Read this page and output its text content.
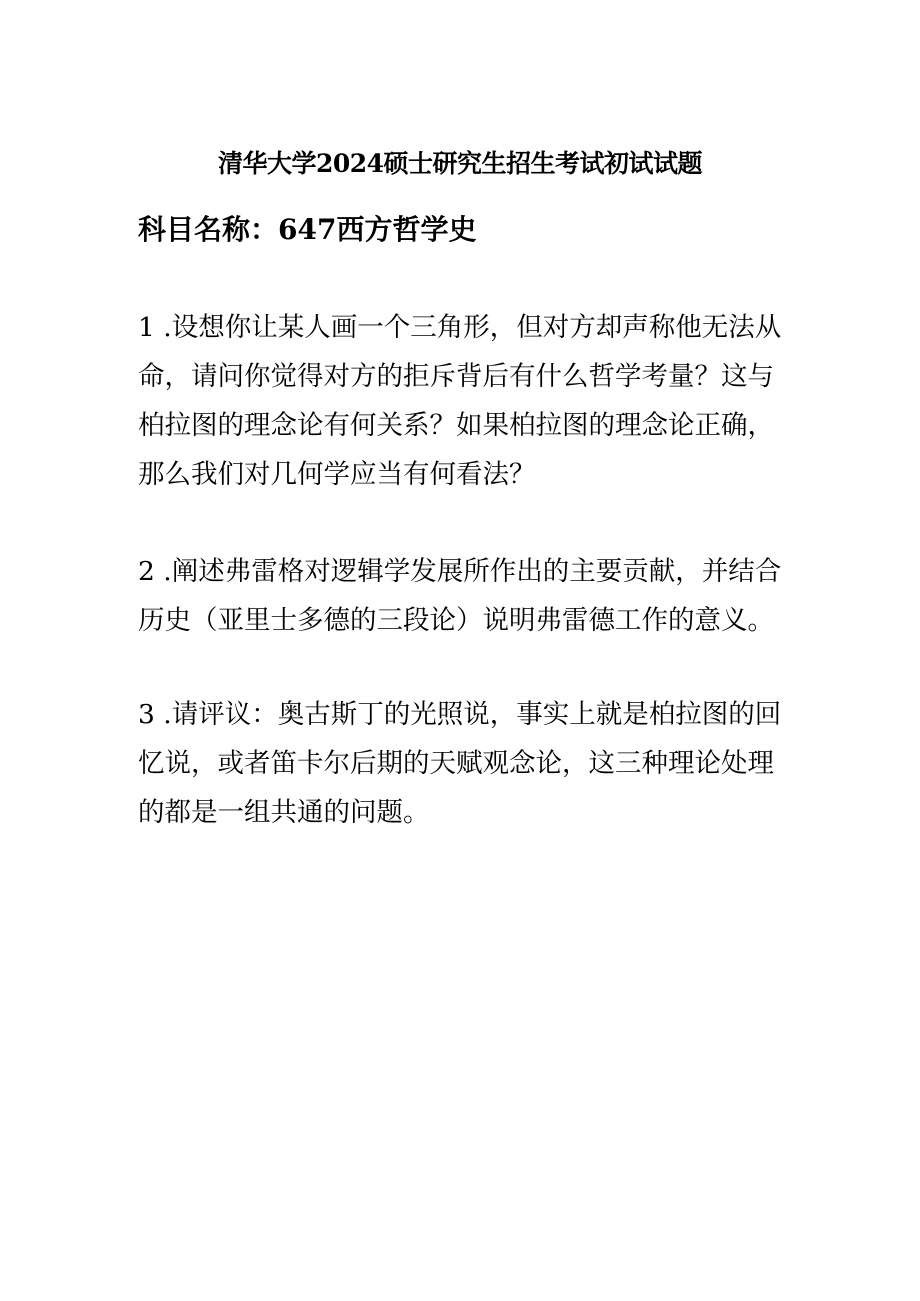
清华大学2024硕士研究生招生考试初试试题

科目名称：647西方哲学史

1 .设想你让某人画一个三角形，但对方却声称他无法从
命，请问你觉得对方的拒斥背后有什么哲学考量？这与
柏拉图的理念论有何关系？如果柏拉图的理念论正确，
那么我们对几何学应当有何看法？
2 .阐述弗雷格对逻辑学发展所作出的主要贡献，并结合
历史（亚里士多德的三段论）说明弗雷德工作的意义。
3 .请评议：奥古斯丁的光照说，事实上就是柏拉图的回
忆说，或者笛卡尔后期的天赋观念论，这三种理论处理
的都是一组共通的问题。
